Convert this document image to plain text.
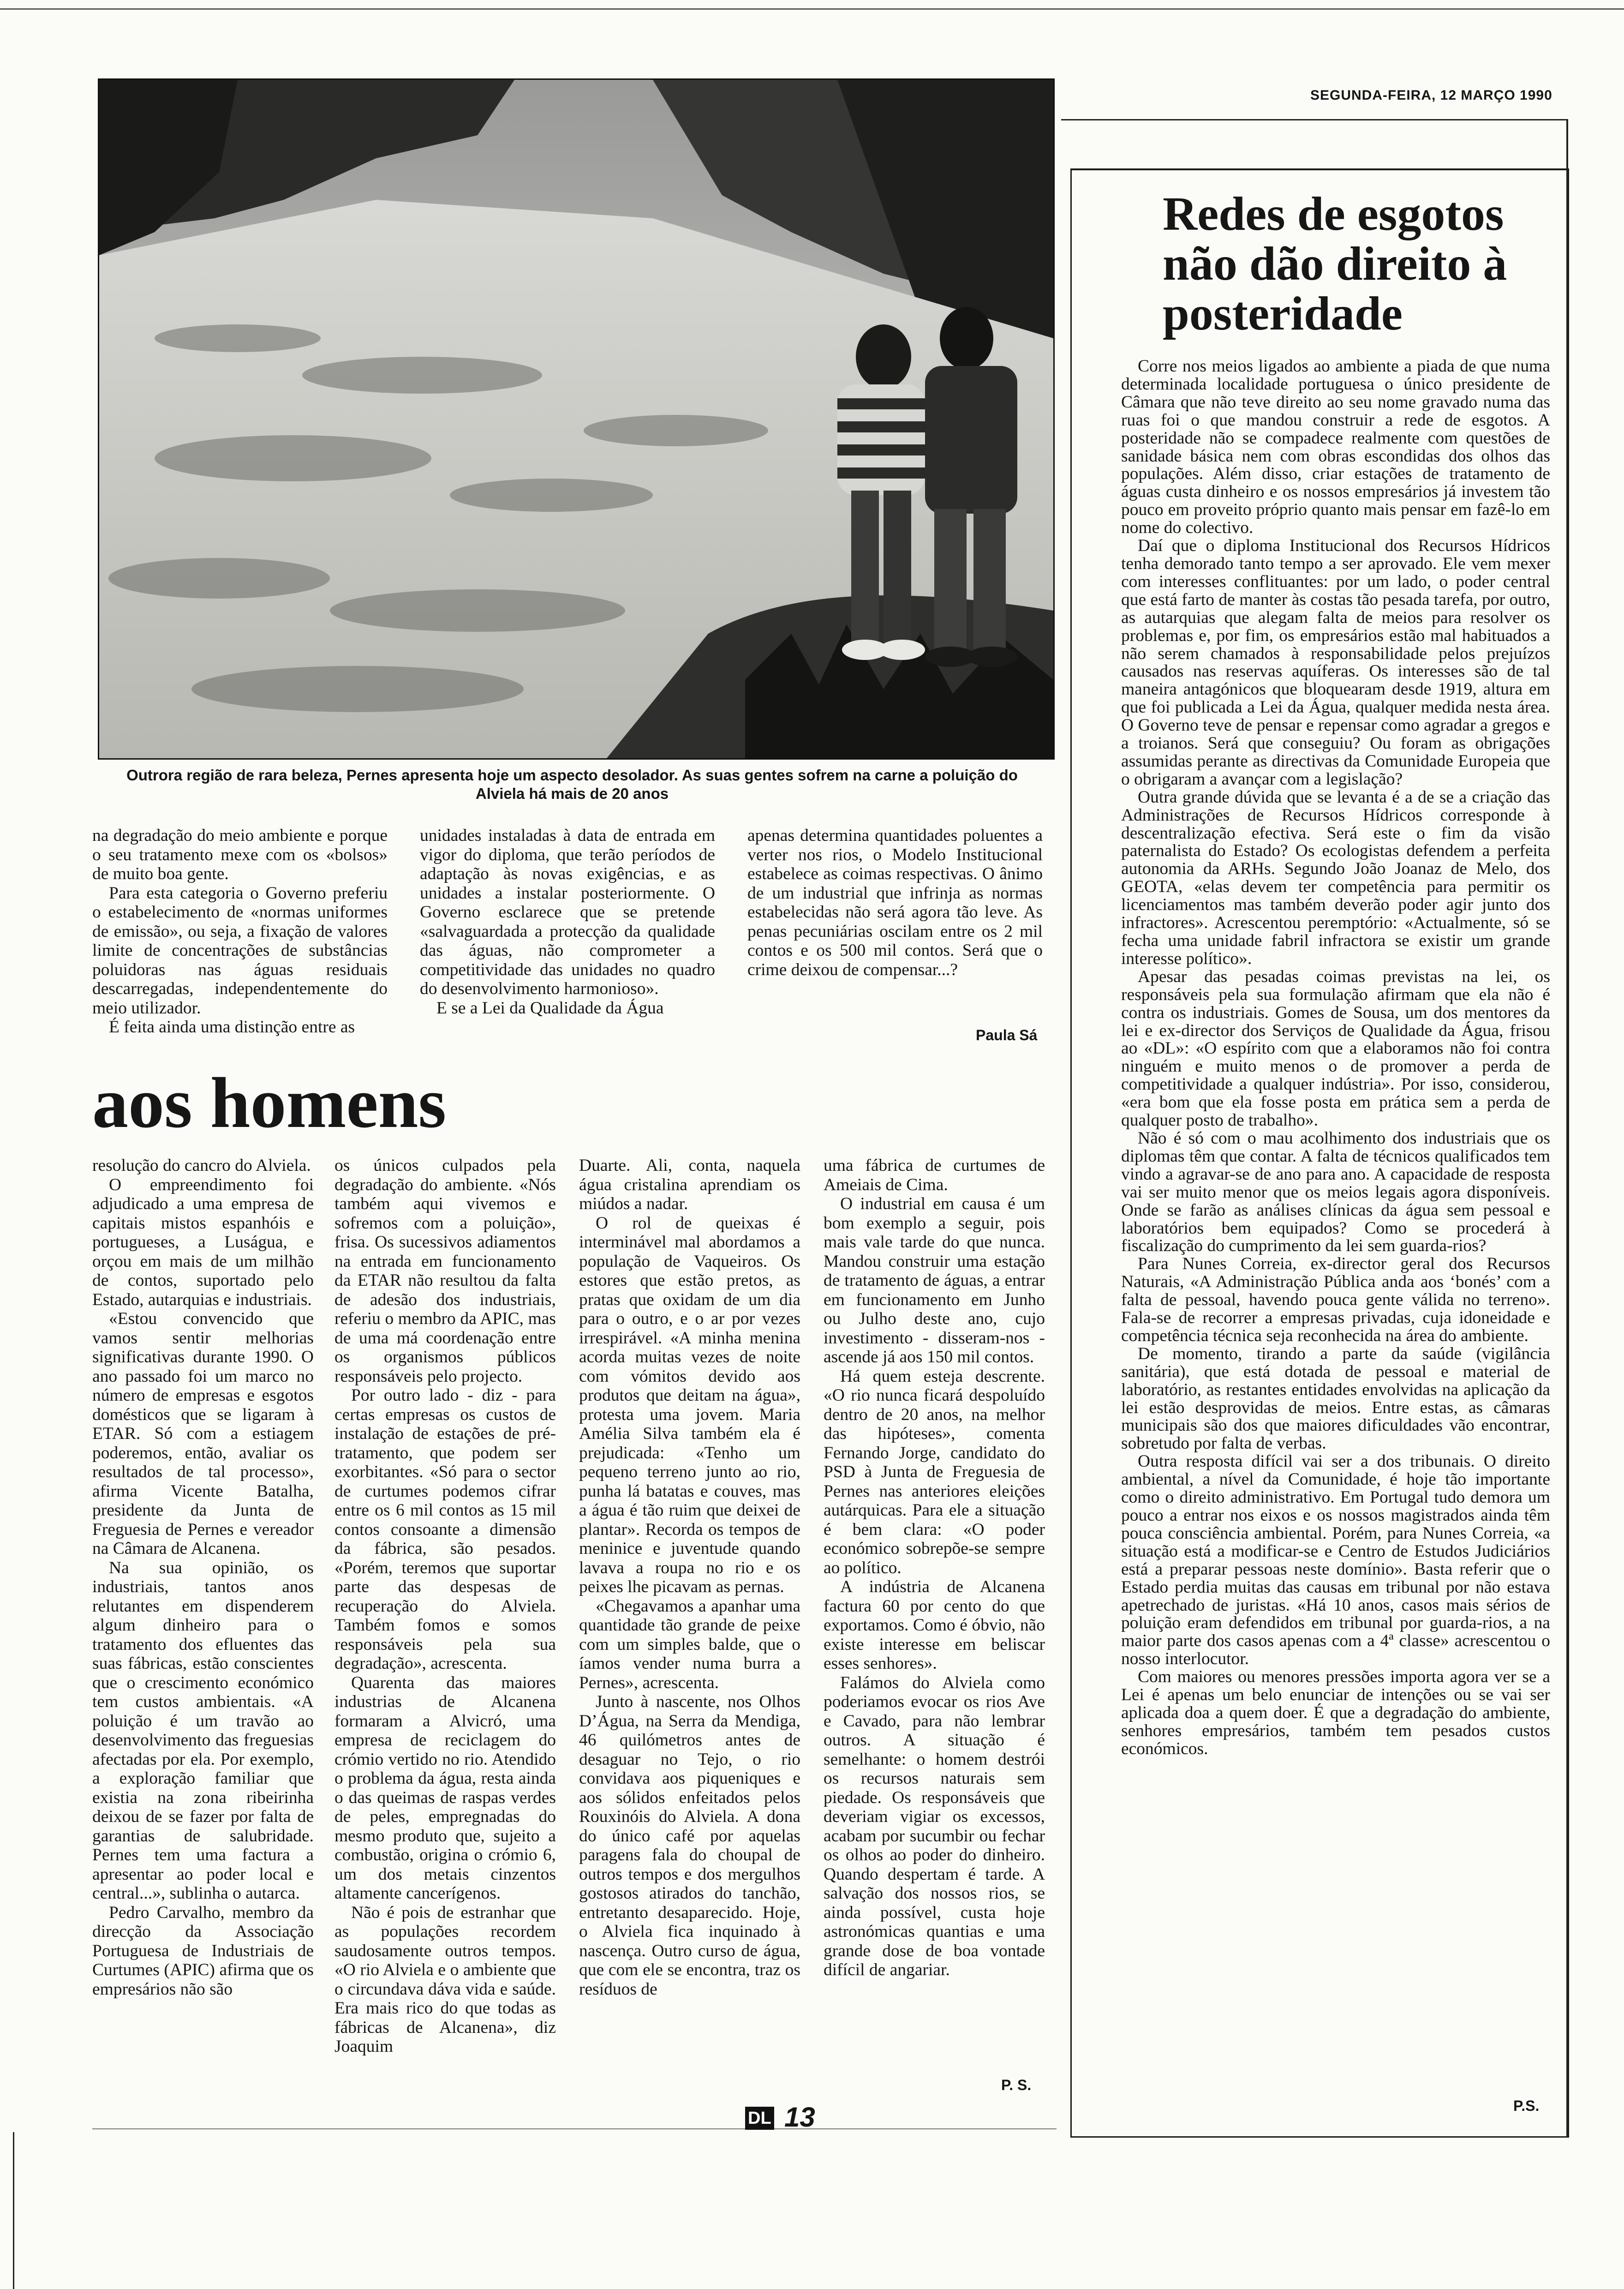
SEGUNDA-FEIRA, 12 MARÇO 1990
Outrora região de rara beleza, Pernes apresenta hoje um aspecto desolador. As suas gentes sofrem na carne a poluição do Alviela há mais de 20 anos

na degradação do meio ambiente e porque o seu tratamento mexe com os «bolsos» de muito boa gente.

Para esta categoria o Governo preferiu o estabelecimento de «normas uniformes de emissão», ou seja, a fixação de valores limite de concentrações de substâncias poluidoras nas águas residuais descarregadas, independentemente do meio utilizador.

É feita ainda uma distinção entre as

unidades instaladas à data de entrada em vigor do diploma, que terão períodos de adaptação às novas exigências, e as unidades a instalar posteriormente. O Governo esclarece que se pretende «salvaguardada a protecção da qualidade das águas, não comprometer a competitividade das unidades no quadro do desenvolvimento harmonioso».

E se a Lei da Qualidade da Água

apenas determina quantidades poluentes a verter nos rios, o Modelo Institucional estabelece as coimas respectivas. O ânimo de um industrial que infrinja as normas estabelecidas não será agora tão leve. As penas pecuniárias oscilam entre os 2 mil contos e os 500 mil contos. Será que o crime deixou de compensar...?

Paula Sá
aos homens

resolução do cancro do Alviela.

O empreendimento foi adjudicado a uma empresa de capitais mistos espanhóis e portugueses, a Luságua, e orçou em mais de um milhão de contos, suportado pelo Estado, autarquias e industriais.

«Estou convencido que vamos sentir melhorias significativas durante 1990. O ano passado foi um marco no número de empresas e esgotos domésticos que se ligaram à ETAR. Só com a estiagem poderemos, então, avaliar os resultados de tal processo», afirma Vicente Batalha, presidente da Junta de Freguesia de Pernes e vereador na Câmara de Alcanena.

Na sua opinião, os industriais, tantos anos relutantes em dispenderem algum dinheiro para o tratamento dos efluentes das suas fábricas, estão conscientes que o crescimento económico tem custos ambientais. «A poluição é um travão ao desenvolvimento das freguesias afectadas por ela. Por exemplo, a exploração familiar que existia na zona ribeirinha deixou de se fazer por falta de garantias de salubridade. Pernes tem uma factura a apresentar ao poder local e central...», sublinha o autarca.

Pedro Carvalho, membro da direcção da Associação Portuguesa de Industriais de Curtumes (APIC) afirma que os empresários não são

os únicos culpados pela degradação do ambiente. «Nós também aqui vivemos e sofremos com a poluição», frisa. Os sucessivos adiamentos na entrada em funcionamento da ETAR não resultou da falta de adesão dos industriais, referiu o membro da APIC, mas de uma má coordenação entre os organismos públicos responsáveis pelo projecto.

Por outro lado - diz - para certas empresas os custos de instalação de estações de pré-tratamento, que podem ser exorbitantes. «Só para o sector de curtumes podemos cifrar entre os 6 mil contos as 15 mil contos consoante a dimensão da fábrica, são pesados. «Porém, teremos que suportar parte das despesas de recuperação do Alviela. Também fomos e somos responsáveis pela sua degradação», acrescenta.

Quarenta das maiores industrias de Alcanena formaram a Alvicró, uma empresa de reciclagem do crómio vertido no rio. Atendido o problema da água, resta ainda o das queimas de raspas verdes de peles, empregnadas do mesmo produto que, sujeito a combustão, origina o crómio 6, um dos metais cinzentos altamente cancerígenos.

Não é pois de estranhar que as populações recordem saudosamente outros tempos. «O rio Alviela e o ambiente que o circundava dáva vida e saúde. Era mais rico do que todas as fábricas de Alcanena», diz Joaquim

Duarte. Ali, conta, naquela água cristalina aprendiam os miúdos a nadar.

O rol de queixas é interminável mal abordamos a população de Vaqueiros. Os estores que estão pretos, as pratas que oxidam de um dia para o outro, e o ar por vezes irrespirável. «A minha menina acorda muitas vezes de noite com vómitos devido aos produtos que deitam na água», protesta uma jovem. Maria Amélia Silva também ela é prejudicada: «Tenho um pequeno terreno junto ao rio, punha lá batatas e couves, mas a água é tão ruim que deixei de plantar». Recorda os tempos de meninice e juventude quando lavava a roupa no rio e os peixes lhe picavam as pernas.

«Chegavamos a apanhar uma quantidade tão grande de peixe com um simples balde, que o íamos vender numa burra a Pernes», acrescenta.

Junto à nascente, nos Olhos D’Água, na Serra da Mendiga, 46 quilómetros antes de desaguar no Tejo, o rio convidava aos piqueniques e aos sólidos enfeitados pelos Rouxinóis do Alviela. A dona do único café por aquelas paragens fala do choupal de outros tempos e dos mergulhos gostosos atirados do tanchão, entretanto desaparecido. Hoje, o Alviela fica inquinado à nascença. Outro curso de água, que com ele se encontra, traz os resíduos de

uma fábrica de curtumes de Ameiais de Cima.

O industrial em causa é um bom exemplo a seguir, pois mais vale tarde do que nunca. Mandou construir uma estação de tratamento de águas, a entrar em funcionamento em Junho ou Julho deste ano, cujo investimento - disseram-nos - ascende já aos 150 mil contos.

Há quem esteja descrente. «O rio nunca ficará despoluído dentro de 20 anos, na melhor das hipóteses», comenta Fernando Jorge, candidato do PSD à Junta de Freguesia de Pernes nas anteriores eleições autárquicas. Para ele a situação é bem clara: «O poder económico sobrepõe-se sempre ao político.

A indústria de Alcanena factura 60 por cento do que exportamos. Como é óbvio, não existe interesse em beliscar esses senhores».

Falámos do Alviela como poderiamos evocar os rios Ave e Cavado, para não lembrar outros. A situação é semelhante: o homem destrói os recursos naturais sem piedade. Os responsáveis que deveriam vigiar os excessos, acabam por sucumbir ou fechar os olhos ao poder do dinheiro. Quando despertam é tarde. A salvação dos nossos rios, se ainda possível, custa hoje astronómicas quantias e uma grande dose de boa vontade difícil de angariar.

P. S.
Redes de esgotos não dão direito à posteridade

Corre nos meios ligados ao ambiente a piada de que numa determinada localidade portuguesa o único presidente de Câmara que não teve direito ao seu nome gravado numa das ruas foi o que mandou construir a rede de esgotos. A posteridade não se compadece realmente com questões de sanidade básica nem com obras escondidas dos olhos das populações. Além disso, criar estações de tratamento de águas custa dinheiro e os nossos empresários já investem tão pouco em proveito próprio quanto mais pensar em fazê-lo em nome do colectivo.

Daí que o diploma Institucional dos Recursos Hídricos tenha demorado tanto tempo a ser aprovado. Ele vem mexer com interesses conflituantes: por um lado, o poder central que está farto de manter às costas tão pesada tarefa, por outro, as autarquias que alegam falta de meios para resolver os problemas e, por fim, os empresários estão mal habituados a não serem chamados à responsabilidade pelos prejuízos causados nas reservas aquíferas. Os interesses são de tal maneira antagónicos que bloquearam desde 1919, altura em que foi publicada a Lei da Água, qualquer medida nesta área. O Governo teve de pensar e repensar como agradar a gregos e a troianos. Será que conseguiu? Ou foram as obrigações assumidas perante as directivas da Comunidade Europeia que o obrigaram a avançar com a legislação?

Outra grande dúvida que se levanta é a de se a criação das Administrações de Recursos Hídricos corresponde à descentralização efectiva. Será este o fim da visão paternalista do Estado? Os ecologistas defendem a perfeita autonomia da ARHs. Segundo João Joanaz de Melo, dos GEOTA, «elas devem ter competência para permitir os licenciamentos mas também deverão poder agir junto dos infractores». Acrescentou peremptório: «Actualmente, só se fecha uma unidade fabril infractora se existir um grande interesse político».

Apesar das pesadas coimas previstas na lei, os responsáveis pela sua formulação afirmam que ela não é contra os industriais. Gomes de Sousa, um dos mentores da lei e ex-director dos Serviços de Qualidade da Água, frisou ao «DL»: «O espírito com que a elaboramos não foi contra ninguém e muito menos o de promover a perda de competitividade a qualquer indústria». Por isso, considerou, «era bom que ela fosse posta em prática sem a perda de qualquer posto de trabalho».

Não é só com o mau acolhimento dos industriais que os diplomas têm que contar. A falta de técnicos qualificados tem vindo a agravar-se de ano para ano. A capacidade de resposta vai ser muito menor que os meios legais agora disponíveis. Onde se farão as análises clínicas da água sem pessoal e laboratórios bem equipados? Como se procederá à fiscalização do cumprimento da lei sem guarda-rios?

Para Nunes Correia, ex-director geral dos Recursos Naturais, «A Administração Pública anda aos ‘bonés’ com a falta de pessoal, havendo pouca gente válida no terreno». Fala-se de recorrer a empresas privadas, cuja idoneidade e competência técnica seja reconhecida na área do ambiente.

De momento, tirando a parte da saúde (vigilância sanitária), que está dotada de pessoal e material de laboratório, as restantes entidades envolvidas na aplicação da lei estão desprovidas de meios. Entre estas, as câmaras municipais são dos que maiores dificuldades vão encontrar, sobretudo por falta de verbas.

Outra resposta difícil vai ser a dos tribunais. O direito ambiental, a nível da Comunidade, é hoje tão importante como o direito administrativo. Em Portugal tudo demora um pouco a entrar nos eixos e os nossos magistrados ainda têm pouca consciência ambiental. Porém, para Nunes Correia, «a situação está a modificar-se e Centro de Estudos Judiciários está a preparar pessoas neste domínio». Basta referir que o Estado perdia muitas das causas em tribunal por não estava apetrechado de juristas. «Há 10 anos, casos mais sérios de poluição eram defendidos em tribunal por guarda-rios, a na maior parte dos casos apenas com a 4ª classe» acrescentou o nosso interlocutor.

Com maiores ou menores pressões importa agora ver se a Lei é apenas um belo enunciar de intenções ou se vai ser aplicada doa a quem doer. É que a degradação do ambiente, senhores empresários, também tem pesados custos económicos.

P.S.
DL 13
